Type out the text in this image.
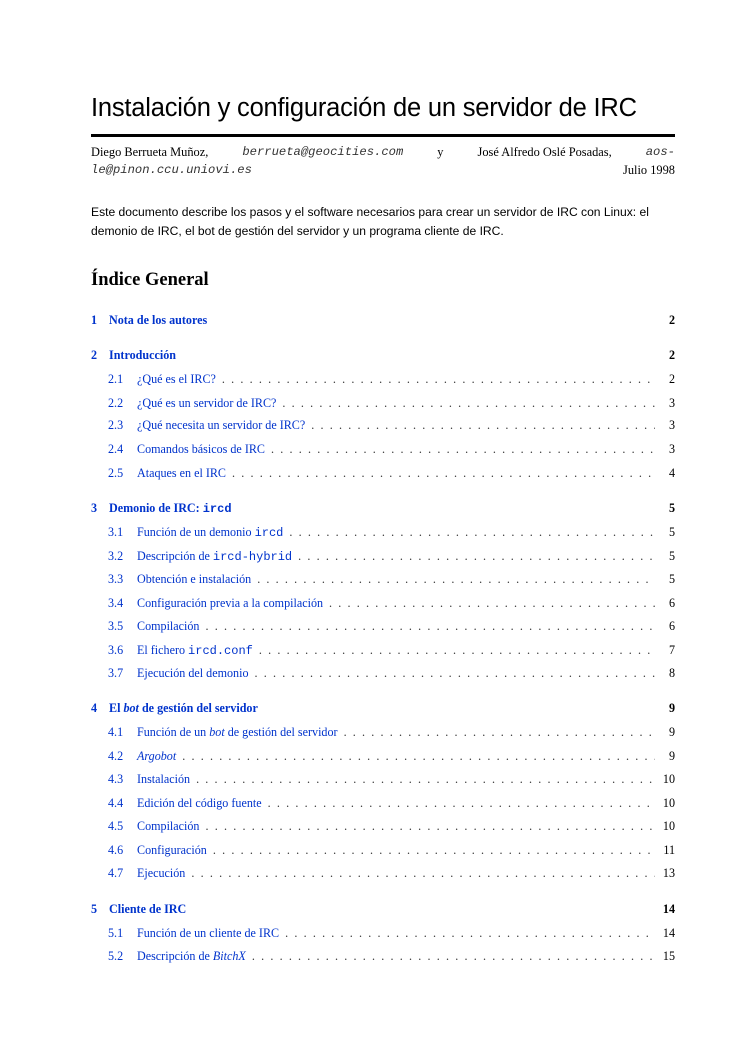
Instalación y configuración de un servidor de IRC
Diego Berrueta Muñoz,	berrueta@geocities.com	y	José Alfredo Oslé Posadas,	aos-
le@pinon.ccu.uniovi.es	Julio 1998
Este documento describe los pasos y el software necesarios para crear un servidor de IRC con Linux: el demonio de IRC, el bot de gestión del servidor y un programa cliente de IRC.
Índice General
1 Nota de los autores	2
2 Introducción	2
2.1	¿Qué es el IRC? . . .	2
2.2	¿Qué es un servidor de IRC? . . .	3
2.3	¿Qué necesita un servidor de IRC? . . .	3
2.4	Comandos básicos de IRC . . .	3
2.5	Ataques en el IRC . . .	4
3 Demonio de IRC: ircd	5
3.1	Función de un demonio ircd . . .	5
3.2	Descripción de ircd-hybrid . . .	5
3.3	Obtención e instalación . . .	5
3.4	Configuración previa a la compilación . . .	6
3.5	Compilación . . .	6
3.6	El fichero ircd.conf . . .	7
3.7	Ejecución del demonio . . .	8
4 El bot de gestión del servidor	9
4.1	Función de un bot de gestión del servidor . . .	9
4.2	Argobot . . .	9
4.3	Instalación . . .	10
4.4	Edición del código fuente . . .	10
4.5	Compilación . . .	10
4.6	Configuración . . .	11
4.7	Ejecución . . .	13
5 Cliente de IRC	14
5.1	Función de un cliente de IRC . . .	14
5.2	Descripción de BitchX . . .	15
